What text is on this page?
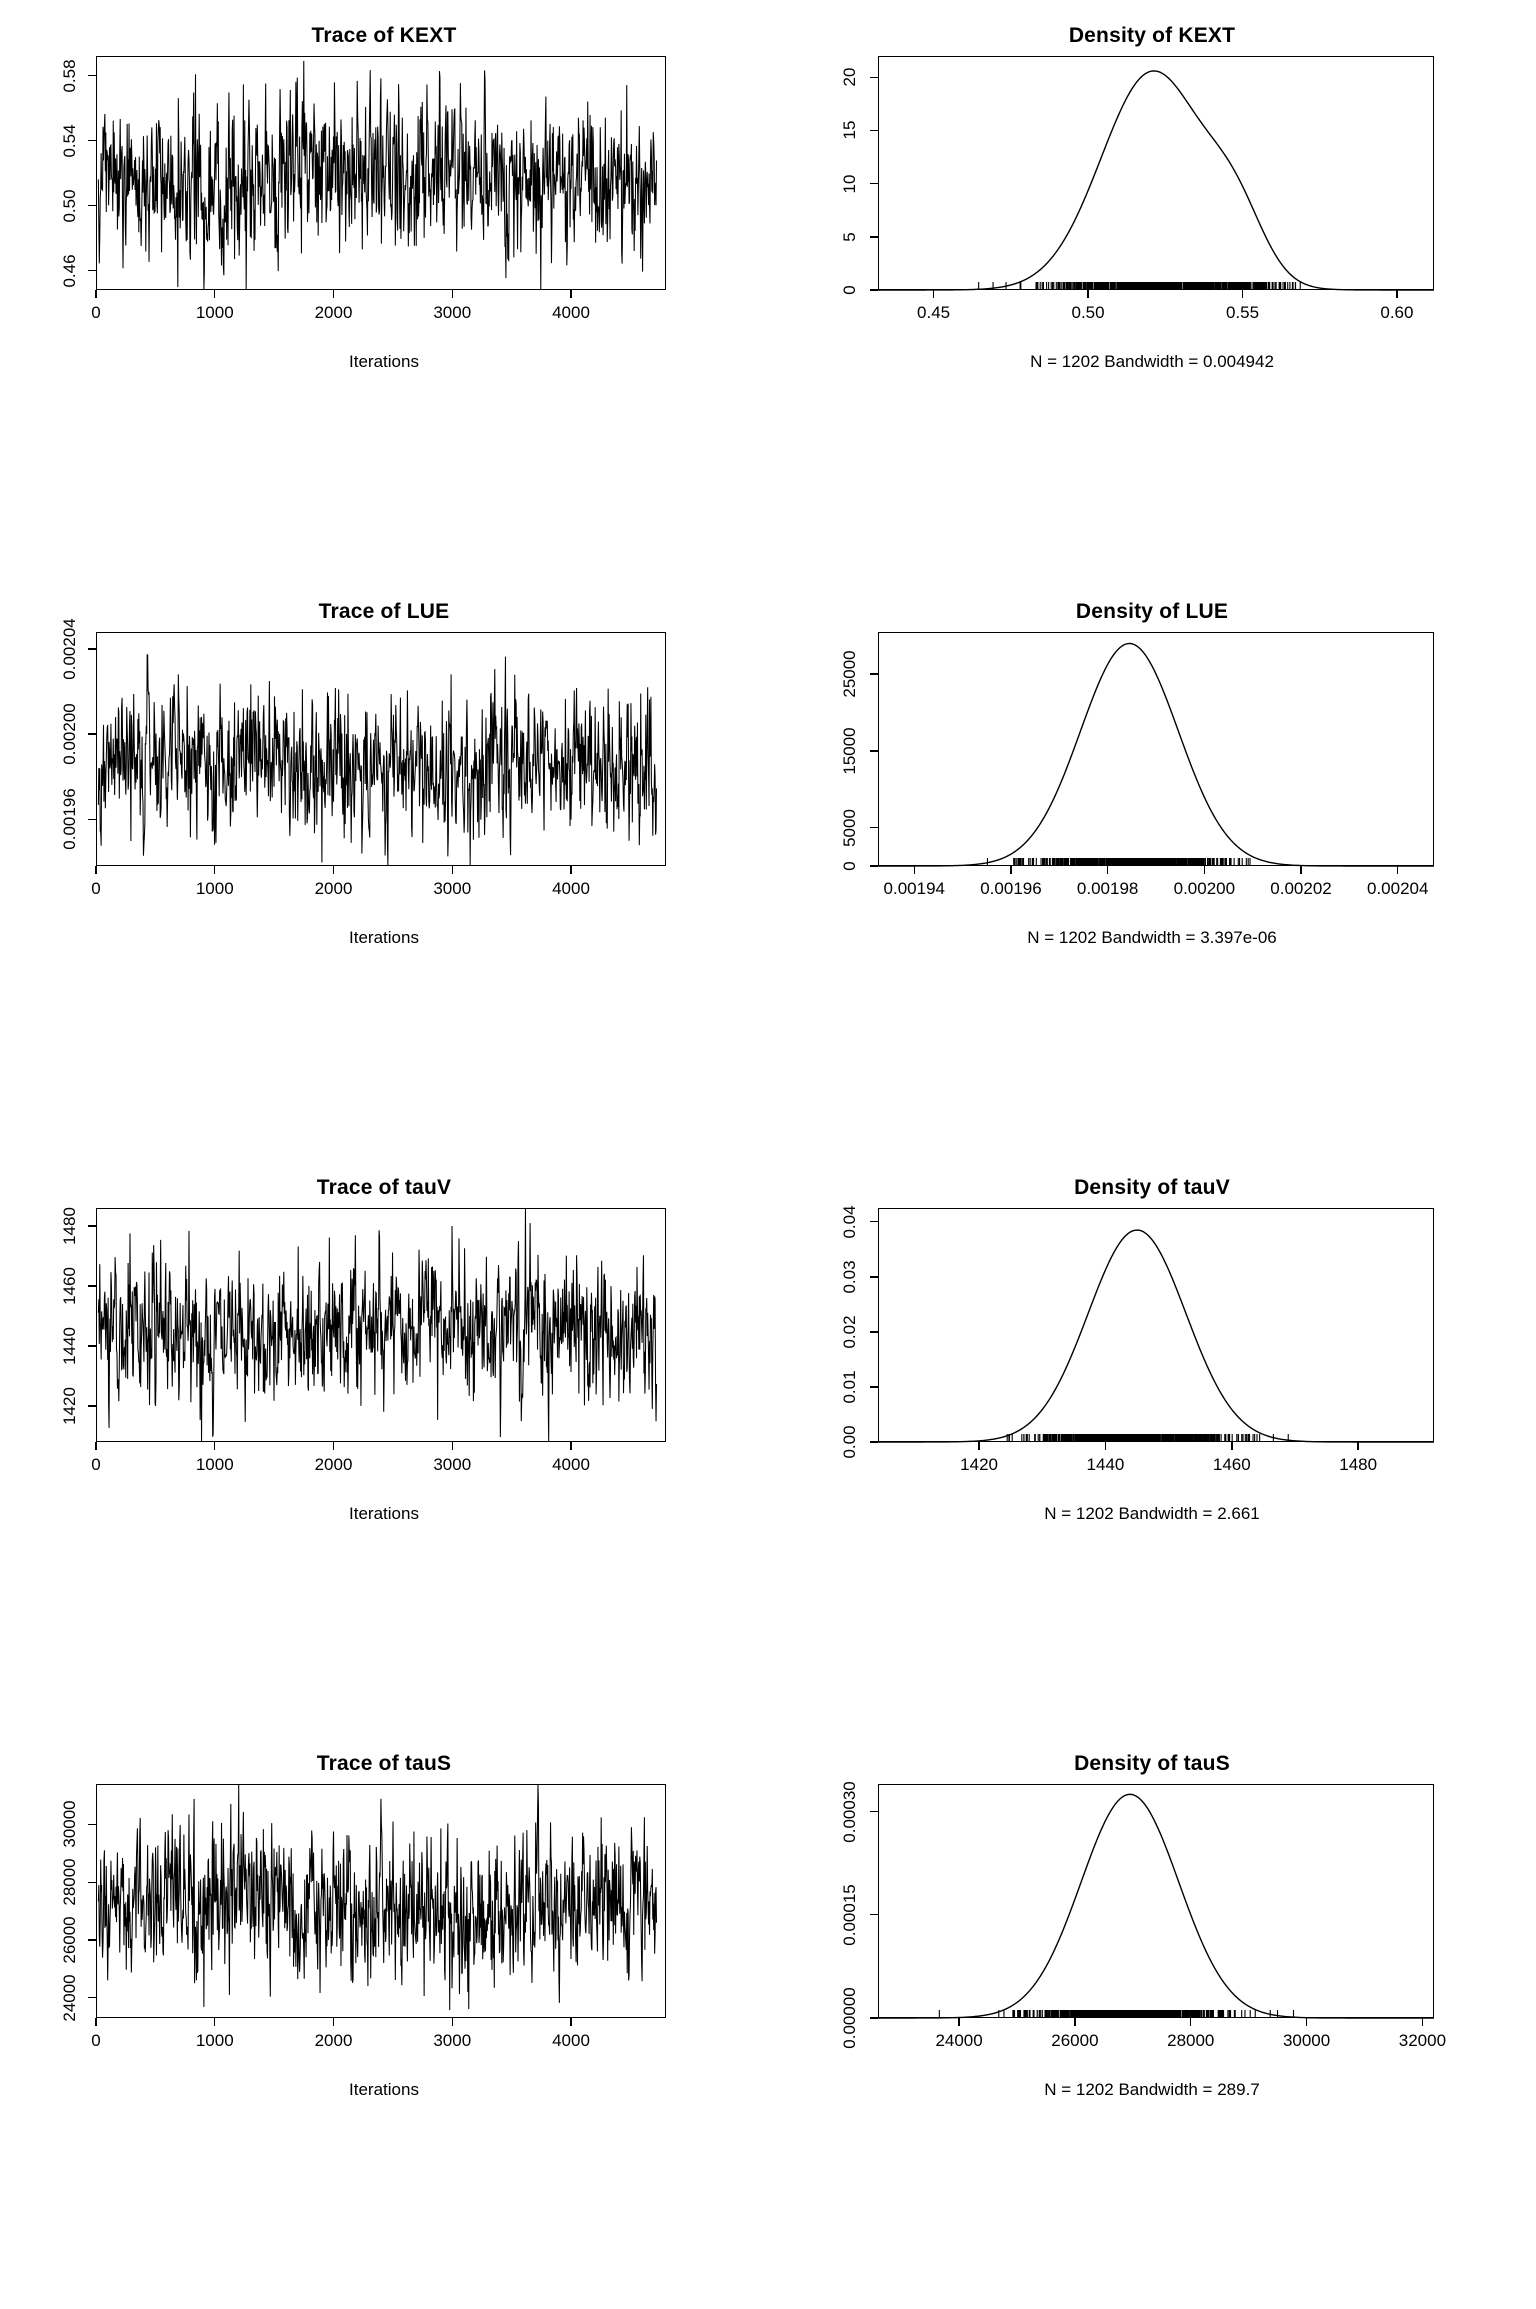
Trace of KEXT
0	1000	2000	3000	4000
0.46
0.50
0.54
0.58
Iterations
Density of KEXT
0.45	0.50	0.55	0.60
0
5
10
15
20
N = 1202 Bandwidth = 0.004942
Trace of LUE
0	1000	2000	3000	4000
0.00196
0.00200
0.00204
Iterations
Density of LUE
0.00194 0.00196 0.00198 0.00200 0.00202 0.00204
0
5000
15000
25000
N = 1202 Bandwidth = 3.397e-06
Trace of tauV
0	1000	2000	3000	4000
1420
1440
1460
1480
Iterations
Density of tauV
1420	1440	1460	1480
0.00
0.01
0.02
0.03
0.04
N = 1202 Bandwidth = 2.661
Trace of tauS
0	1000	2000	3000	4000
24000
26000
28000
30000
Iterations
Density of tauS
24000	26000	28000	30000	32000
0.00000
0.00015
0.00030
N = 1202 Bandwidth = 289.7
